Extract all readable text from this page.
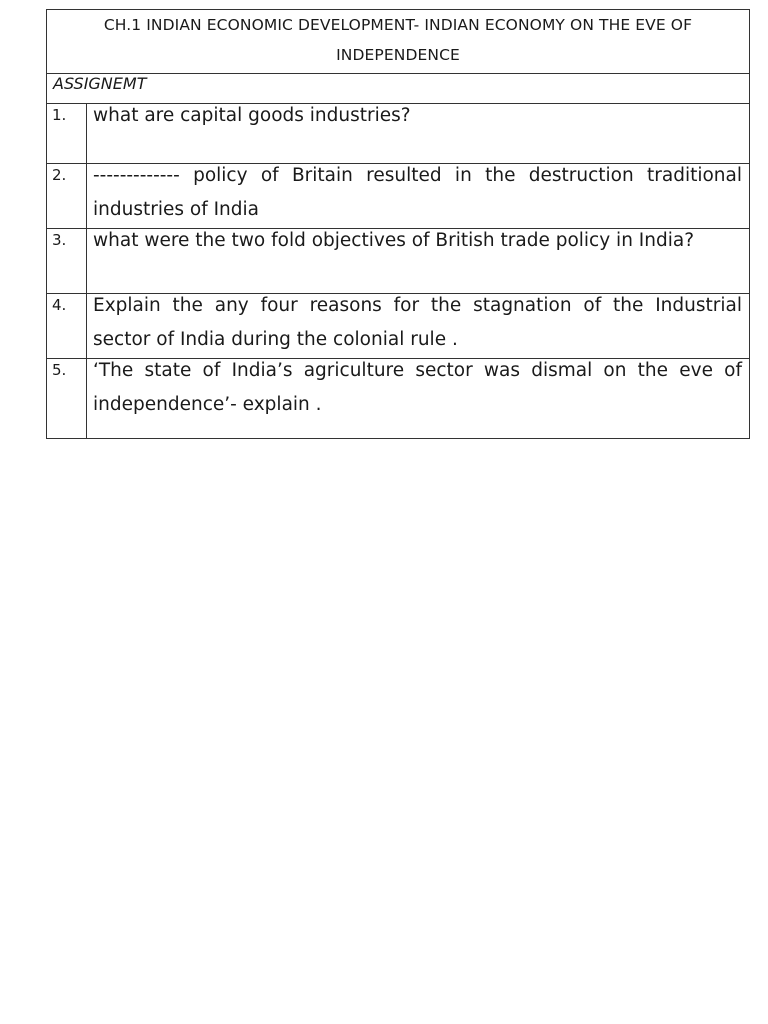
CH.1 INDIAN ECONOMIC DEVELOPMENT- INDIAN ECONOMY ON THE EVE OF INDEPENDENCE	
ASSIGNEMT	
1.	what are capital goods industries?

2.	------------- policy of Britain resulted in the destruction traditional industries of India

3.	what were the two fold objectives of British trade policy in India?

4.	Explain the any four reasons for the stagnation of the Industrial sector of India during the colonial rule .

5.	‘The state of India’s agriculture sector was dismal on the eve of independence’- explain .
